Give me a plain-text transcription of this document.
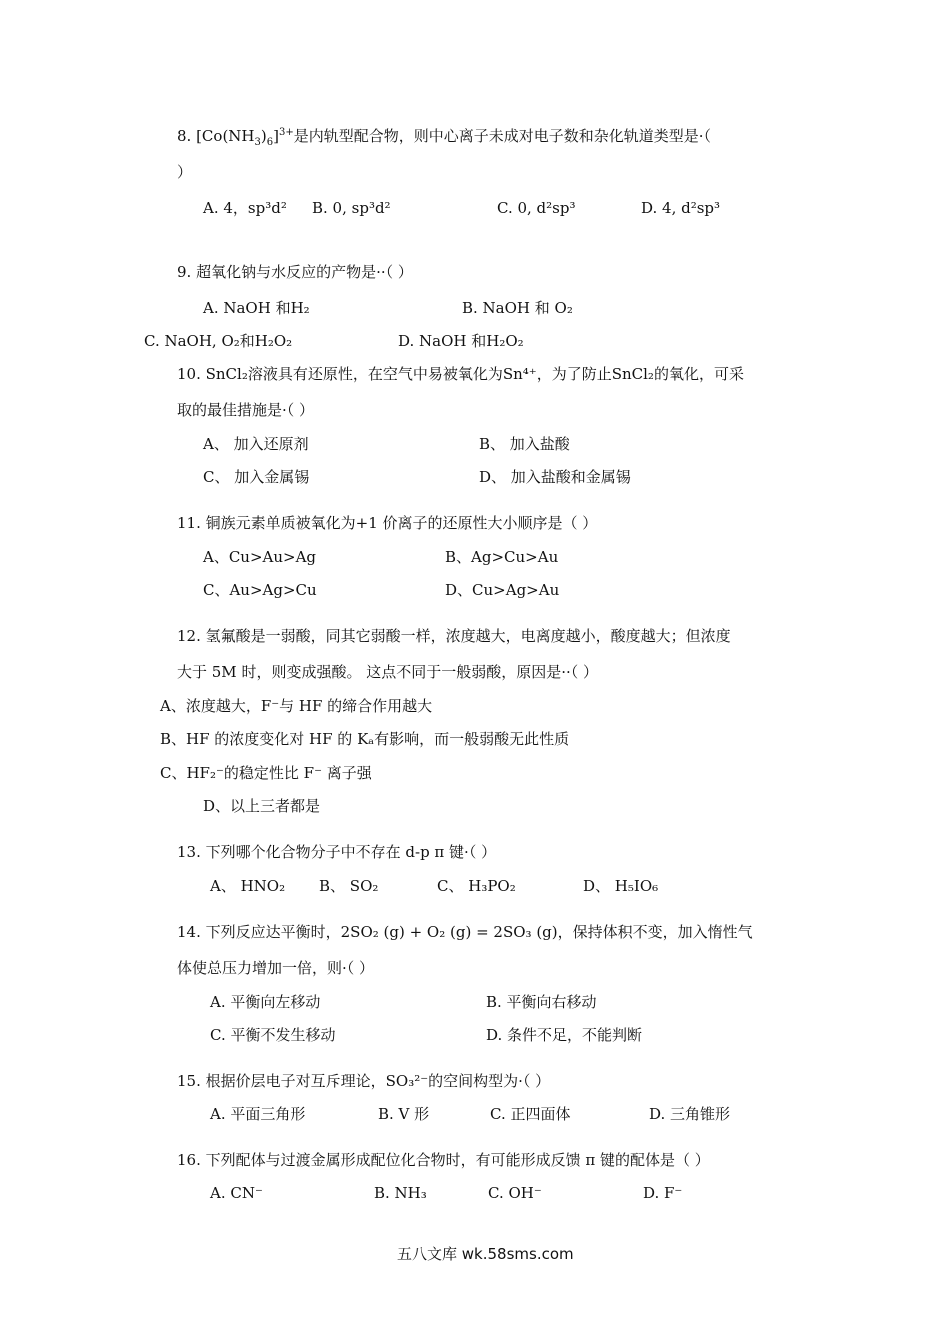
8. $[Co(NH_3)_6]^{3+}$是内轨型配合物，则中心离子未成对电子数和杂化轨道类型是·（
）
A. 4，sp³d² B. 0, sp³d²	C. 0, d²sp³	D. 4, d²sp³
9. 超氧化钠与水反应的产物是··（ ）
A. NaOH 和H₂	B. NaOH 和 O₂
C. NaOH, O₂和H₂O₂	D. NaOH 和H₂O₂
10. SnCl₂溶液具有还原性，在空气中易被氧化为Sn⁴⁺，为了防止SnCl₂的氧化，可采
取的最佳措施是·（ ）
A、 加入还原剂	B、 加入盐酸
C、 加入金属锡	D、 加入盐酸和金属锡
11. 铜族元素单质被氧化为+1 价离子的还原性大小顺序是（ ）
A、Cu>Au>Ag	B、Ag>Cu>Au
C、Au>Ag>Cu	D、Cu>Ag>Au
12. 氢氟酸是一弱酸，同其它弱酸一样，浓度越大，电离度越小，酸度越大；但浓度
大于 5M 时，则变成强酸。 这点不同于一般弱酸，原因是··（ ）
A、浓度越大，F⁻与 HF 的缔合作用越大
B、HF 的浓度变化对 HF 的 Kₐ有影响，而一般弱酸无此性质
C、HF₂⁻的稳定性比 F⁻ 离子强
D、以上三者都是
13. 下列哪个化合物分子中不存在 d-p π 键·（ ）
A、 HNO₂ B、 SO₂	C、 H₃PO₂	D、 H₅IO₆
14. 下列反应达平衡时，2SO₂ (g) + O₂ (g) = 2SO₃ (g)，保持体积不变，加入惰性气
体使总压力增加一倍，则·（ ）
A. 平衡向左移动	B. 平衡向右移动
C. 平衡不发生移动	D. 条件不足，不能判断
15. 根据价层电子对互斥理论，SO₃²⁻的空间构型为·（ ）
A. 平面三角形	B. V 形	C. 正四面体	D. 三角锥形
16. 下列配体与过渡金属形成配位化合物时，有可能形成反馈 π 键的配体是（ ）
A. CN⁻	B. NH₃	C. OH⁻	D. F⁻
五八文库 wk.58sms.com
